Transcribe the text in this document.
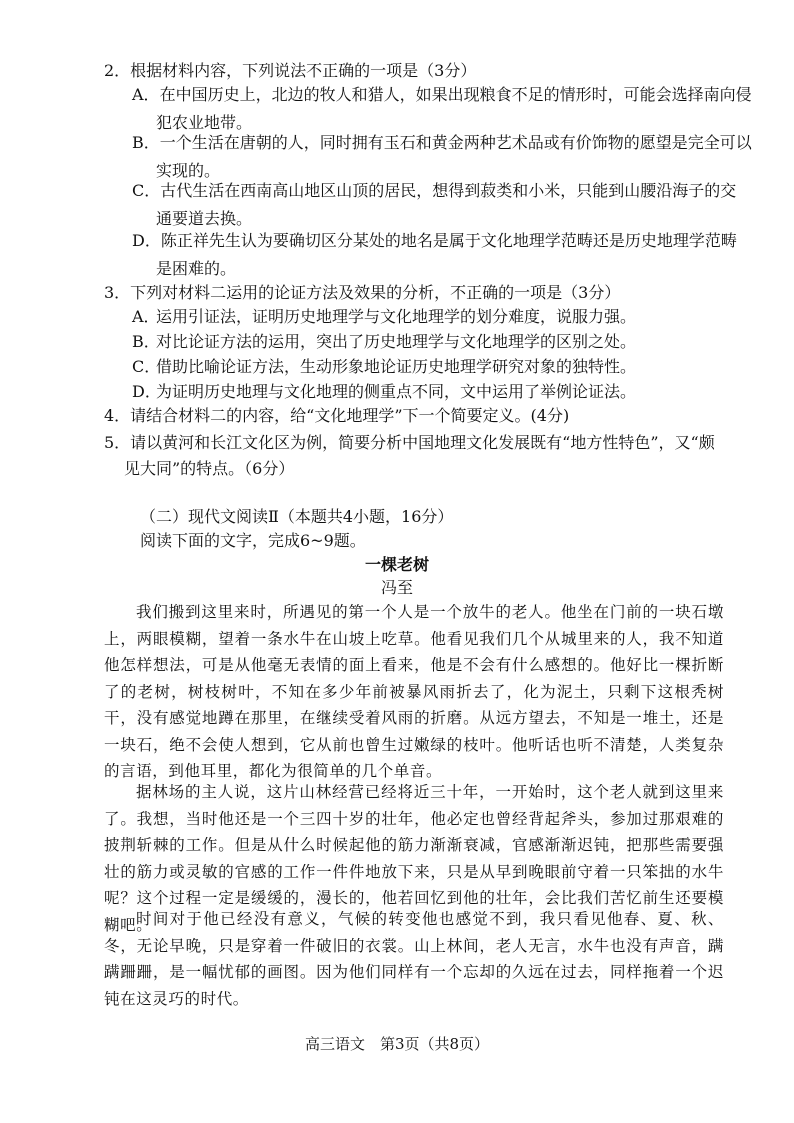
2．根据材料内容，下列说法不正确的一项是（3分）

A．在中国历史上，北边的牧人和猎人，如果出现粮食不足的情形时，可能会选择南向侵犯农业地带。

B．一个生活在唐朝的人，同时拥有玉石和黄金两种艺术品或有价饰物的愿望是完全可以实现的。

C．古代生活在西南高山地区山顶的居民，想得到菽类和小米，只能到山腰沿海子的交通要道去换。

D．陈正祥先生认为要确切区分某处的地名是属于文化地理学范畴还是历史地理学范畴是困难的。

3．下列对材料二运用的论证方法及效果的分析，不正确的一项是（3分）

A．运用引证法，证明历史地理学与文化地理学的划分难度，说服力强。

B．对比论证方法的运用，突出了历史地理学与文化地理学的区别之处。

C．借助比喻论证方法，生动形象地论证历史地理学研究对象的独特性。

D．为证明历史地理与文化地理的侧重点不同，文中运用了举例论证法。

4．请结合材料二的内容，给“文化地理学”下一个简要定义。(4分)

5．请以黄河和长江文化区为例，简要分析中国地理文化发展既有“地方性特色”，又“颇见大同”的特点。（6分）

（二）现代文阅读Ⅱ（本题共4小题，16分）
阅读下面的文字，完成6~9题。
一棵老树
冯至

我们搬到这里来时，所遇见的第一个人是一个放牛的老人。他坐在门前的一块石墩上，两眼模糊，望着一条水牛在山坡上吃草。他看见我们几个从城里来的人，我不知道他怎样想法，可是从他毫无表情的面上看来，他是不会有什么感想的。他好比一棵折断了的老树，树枝树叶，不知在多少年前被暴风雨折去了，化为泥土，只剩下这根秃树干，没有感觉地蹲在那里，在继续受着风雨的折磨。从远方望去，不知是一堆土，还是一块石，绝不会使人想到，它从前也曾生过嫩绿的枝叶。他听话也听不清楚，人类复杂的言语，到他耳里，都化为很简单的几个单音。

据林场的主人说，这片山林经营已经将近三十年，一开始时，这个老人就到这里来了。我想，当时他还是一个三四十岁的壮年，他必定也曾经背起斧头，参加过那艰难的披荆斩棘的工作。但是从什么时候起他的筋力渐渐衰减，官感渐渐迟钝，把那些需要强壮的筋力或灵敏的官感的工作一件件地放下来，只是从早到晚眼前守着一只笨拙的水牛呢？这个过程一定是缓缓的，漫长的，他若回忆到他的壮年，会比我们苦忆前生还要模糊吧。

时间对于他已经没有意义，气候的转变他也感觉不到，我只看见他春、夏、秋、冬，无论早晚，只是穿着一件破旧的衣裳。山上林间，老人无言，水牛也没有声音，蹒蹒跚跚，是一幅忧郁的画图。因为他们同样有一个忘却的久远在过去，同样拖着一个迟钝在这灵巧的时代。

高三语文　第3页（共8页）
